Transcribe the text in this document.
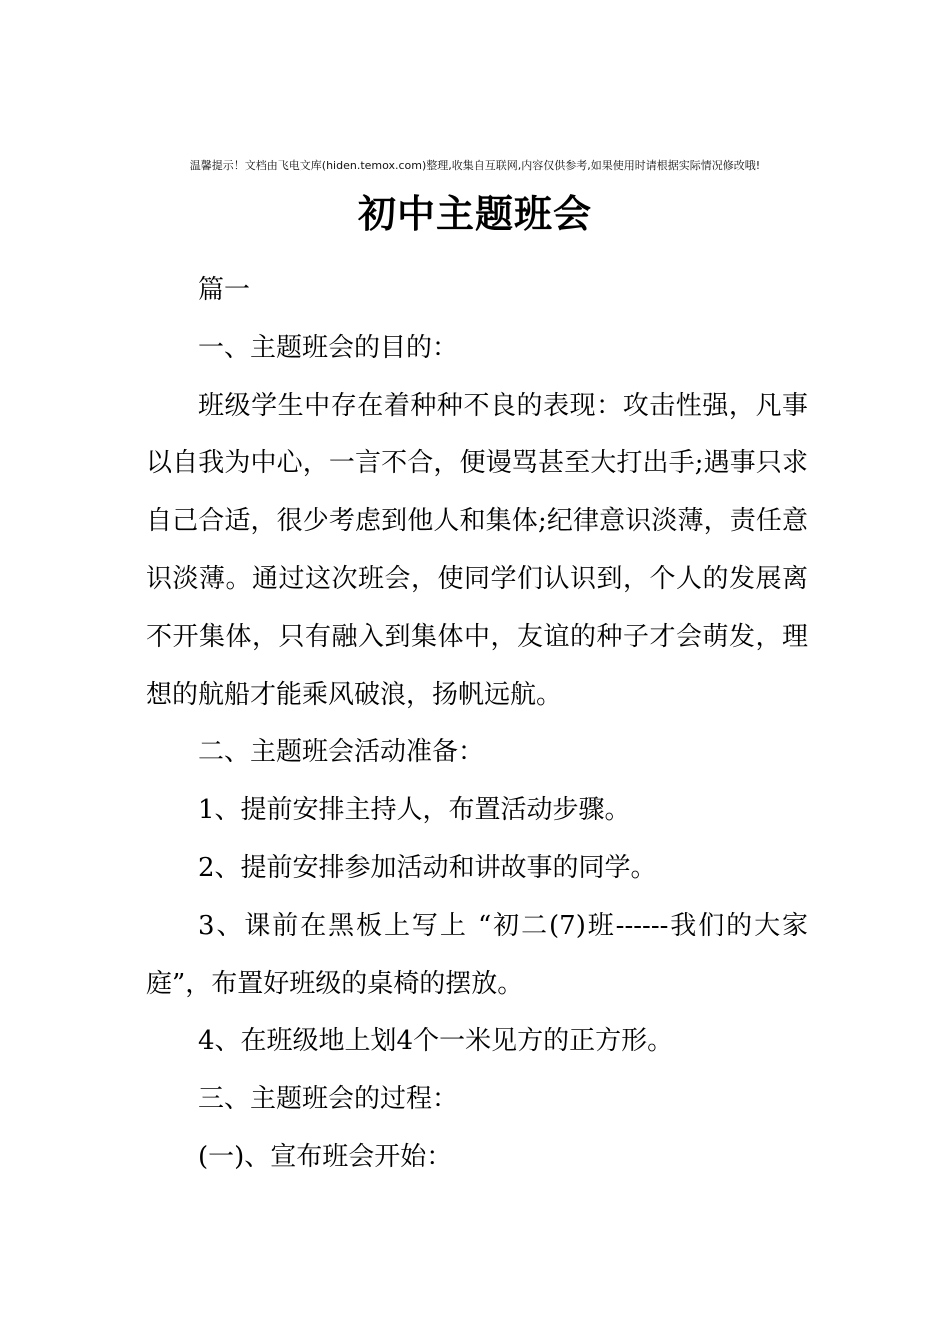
温馨提示！文档由飞电文库(hiden.temox.com)整理,收集自互联网,内容仅供参考,如果使用时请根据实际情况修改哦!
初中主题班会

篇一

一、主题班会的目的：

班级学生中存在着种种不良的表现：攻击性强，凡事以自我为中心，一言不合，便谩骂甚至大打出手;遇事只求自己合适，很少考虑到他人和集体;纪律意识淡薄，责任意识淡薄。通过这次班会，使同学们认识到，个人的发展离不开集体，只有融入到集体中，友谊的种子才会萌发，理想的航船才能乘风破浪，扬帆远航。

二、主题班会活动准备：

1、提前安排主持人，布置活动步骤。

2、提前安排参加活动和讲故事的同学。

3、课前在黑板上写上 “初二(7)班------我们的大家庭”，布置好班级的桌椅的摆放。

4、在班级地上划4个一米见方的正方形。

三、主题班会的过程：

(一)、宣布班会开始：
